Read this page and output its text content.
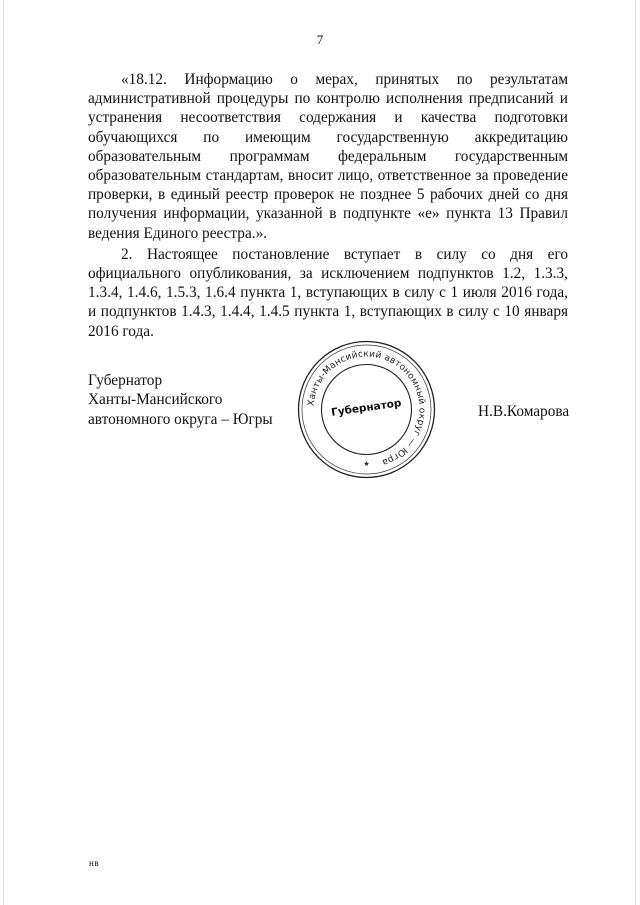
7

«18.12. Информацию о мерах, принятых по результатам административной процедуры по контролю исполнения предписаний и устранения несоответствия содержания и качества подготовки обучающихся по имеющим государственную аккредитацию образовательным программам федеральным государственным образовательным стандартам, вносит лицо, ответственное за проведение проверки, в единый реестр проверок не позднее 5 рабочих дней со дня получения информации, указанной в подпункте «е» пункта 13 Правил ведения Единого реестра.».

2. Настоящее постановление вступает в силу со дня его официального опубликования, за исключением подпунктов 1.2, 1.3.3, 1.3.4, 1.4.6, 1.5.3, 1.6.4 пункта 1, вступающих в силу с 1 июля 2016 года, и подпунктов 1.4.3, 1.4.4, 1.4.5 пункта 1, вступающих в силу с 10 января 2016 года.

Губернатор
Ханты-Мансийского
автономного округа – Югры
Ханты-Мансийский автономный округ — Югра
Губернатор
★
Н.В.Комарова
нв
